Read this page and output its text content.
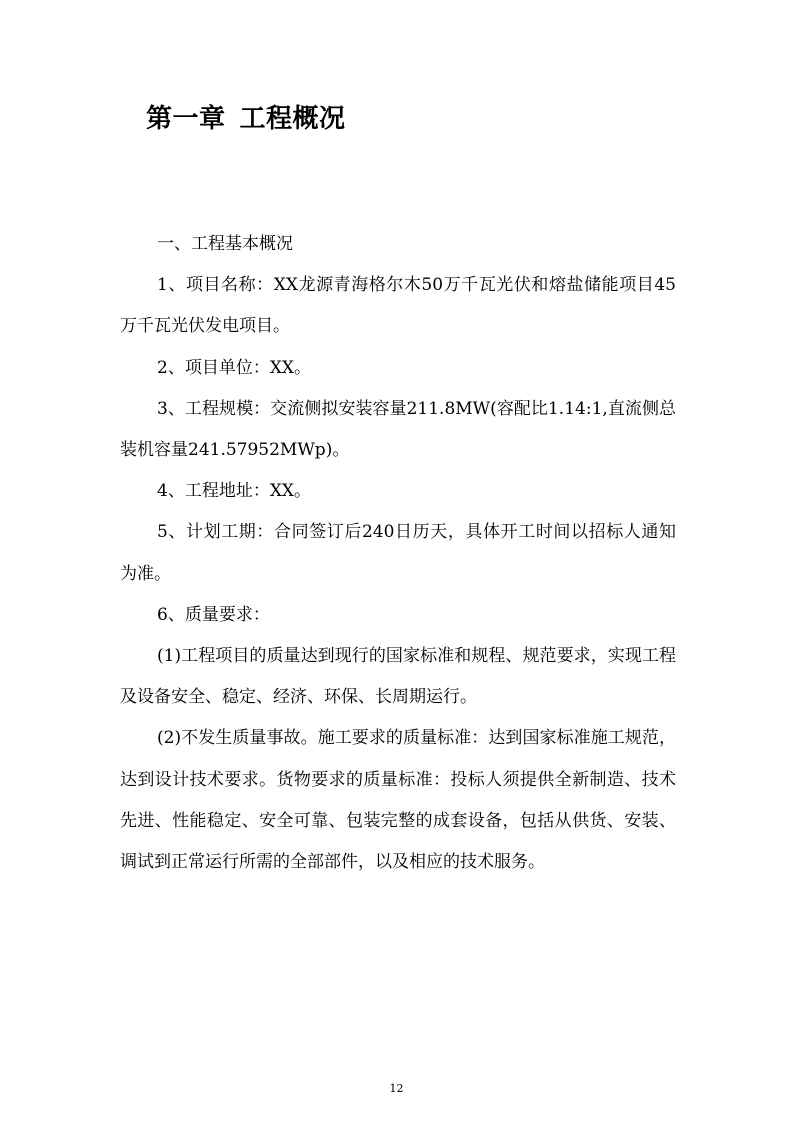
第一章 工程概况

一、工程基本概况

1、项目名称：XX龙源青海格尔木50万千瓦光伏和熔盐储能项目45万千瓦光伏发电项目。

2、项目单位：XX。

3、工程规模：交流侧拟安装容量211.8MW(容配比1.14:1,直流侧总装机容量241.57952MWp)。

4、工程地址：XX。

5、计划工期：合同签订后240日历天，具体开工时间以招标人通知为准。

6、质量要求：

(1)工程项目的质量达到现行的国家标准和规程、规范要求，实现工程及设备安全、稳定、经济、环保、长周期运行。

(2)不发生质量事故。施工要求的质量标准：达到国家标准施工规范，达到设计技术要求。货物要求的质量标准：投标人须提供全新制造、技术先进、性能稳定、安全可靠、包装完整的成套设备，包括从供货、安装、调试到正常运行所需的全部部件，以及相应的技术服务。

12
